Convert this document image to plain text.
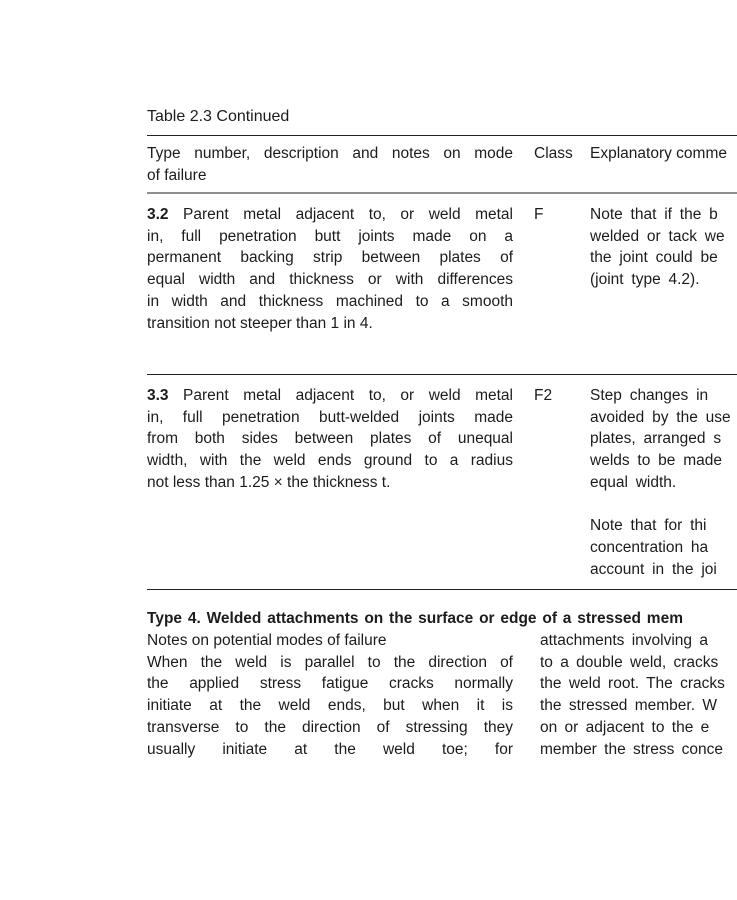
Table 2.3 Continued
Type number, description and notes on mode
of failure
Class Explanatory comme
3.2 Parent metal adjacent to, or weld metal
in, full penetration butt joints made on a
permanent backing strip between plates of
equal width and thickness or with differences
in width and thickness machined to a smooth
transition not steeper than 1 in 4.
F	Note that if the b
welded or tack we
the joint could be
(joint type 4.2).
3.3 Parent metal adjacent to, or weld metal
in, full penetration butt-welded joints made
from both sides between plates of unequal
width, with the weld ends ground to a radius
not less than 1.25 × the thickness t.
F2 Step changes in
avoided by the use
plates, arranged s
welds to be made
equal width.
Note that for thi
concentration ha
account in the joi
Type 4. Welded attachments on the surface or edge of a stressed mem
Notes on potential modes of failure
When the weld is parallel to the direction of
the applied stress fatigue cracks normally
initiate at the weld ends, but when it is
transverse to the direction of stressing they
usually initiate at the weld toe; for
attachments involving a
to a double weld, cracks
the weld root. The cracks
the stressed member. W
on or adjacent to the e
member the stress conce
